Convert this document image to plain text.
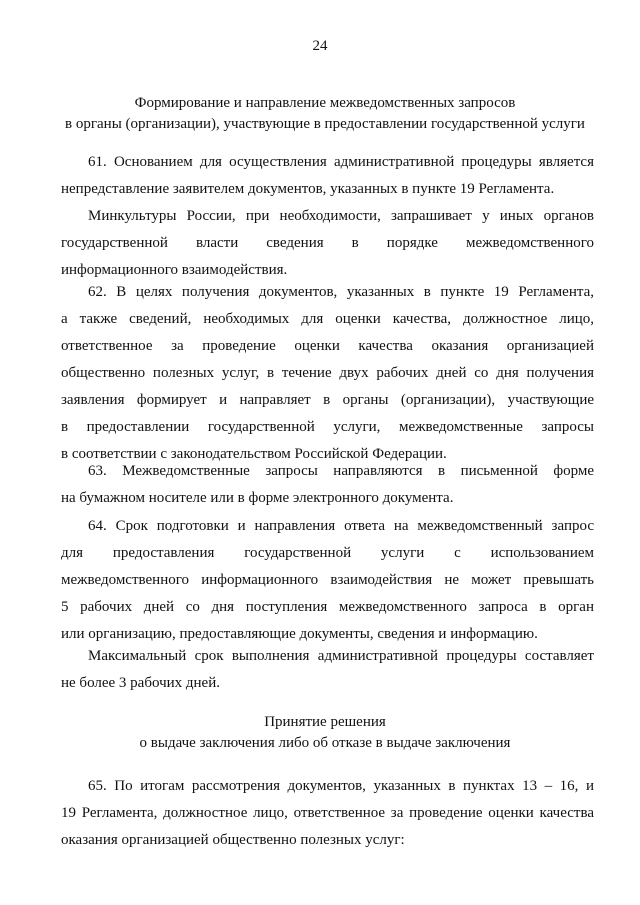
24
Формирование и направление межведомственных запросов
в органы (организации), участвующие в предоставлении государственной услуги
61. Основанием для осуществления административной процедуры является
непредставление заявителем документов, указанных в пункте 19 Регламента.
Минкультуры России, при необходимости, запрашивает у иных органов
государственной власти сведения в порядке межведомственного
информационного взаимодействия.
62. В целях получения документов, указанных в пункте 19 Регламента,
а также сведений, необходимых для оценки качества, должностное лицо,
ответственное за проведение оценки качества оказания организацией
общественно полезных услуг, в течение двух рабочих дней со дня получения
заявления формирует и направляет в органы (организации), участвующие
в предоставлении государственной услуги, межведомственные запросы
в соответствии с законодательством Российской Федерации.
63. Межведомственные запросы направляются в письменной форме
на бумажном носителе или в форме электронного документа.
64. Срок подготовки и направления ответа на межведомственный запрос
для предоставления государственной услуги с использованием
межведомственного информационного взаимодействия не может превышать
5 рабочих дней со дня поступления межведомственного запроса в орган
или организацию, предоставляющие документы, сведения и информацию.
Максимальный срок выполнения административной процедуры составляет
не более 3 рабочих дней.
Принятие решения
о выдаче заключения либо об отказе в выдаче заключения
65. По итогам рассмотрения документов, указанных в пунктах 13 – 16, и
19 Регламента, должностное лицо, ответственное за проведение оценки качества
оказания организацией общественно полезных услуг:
